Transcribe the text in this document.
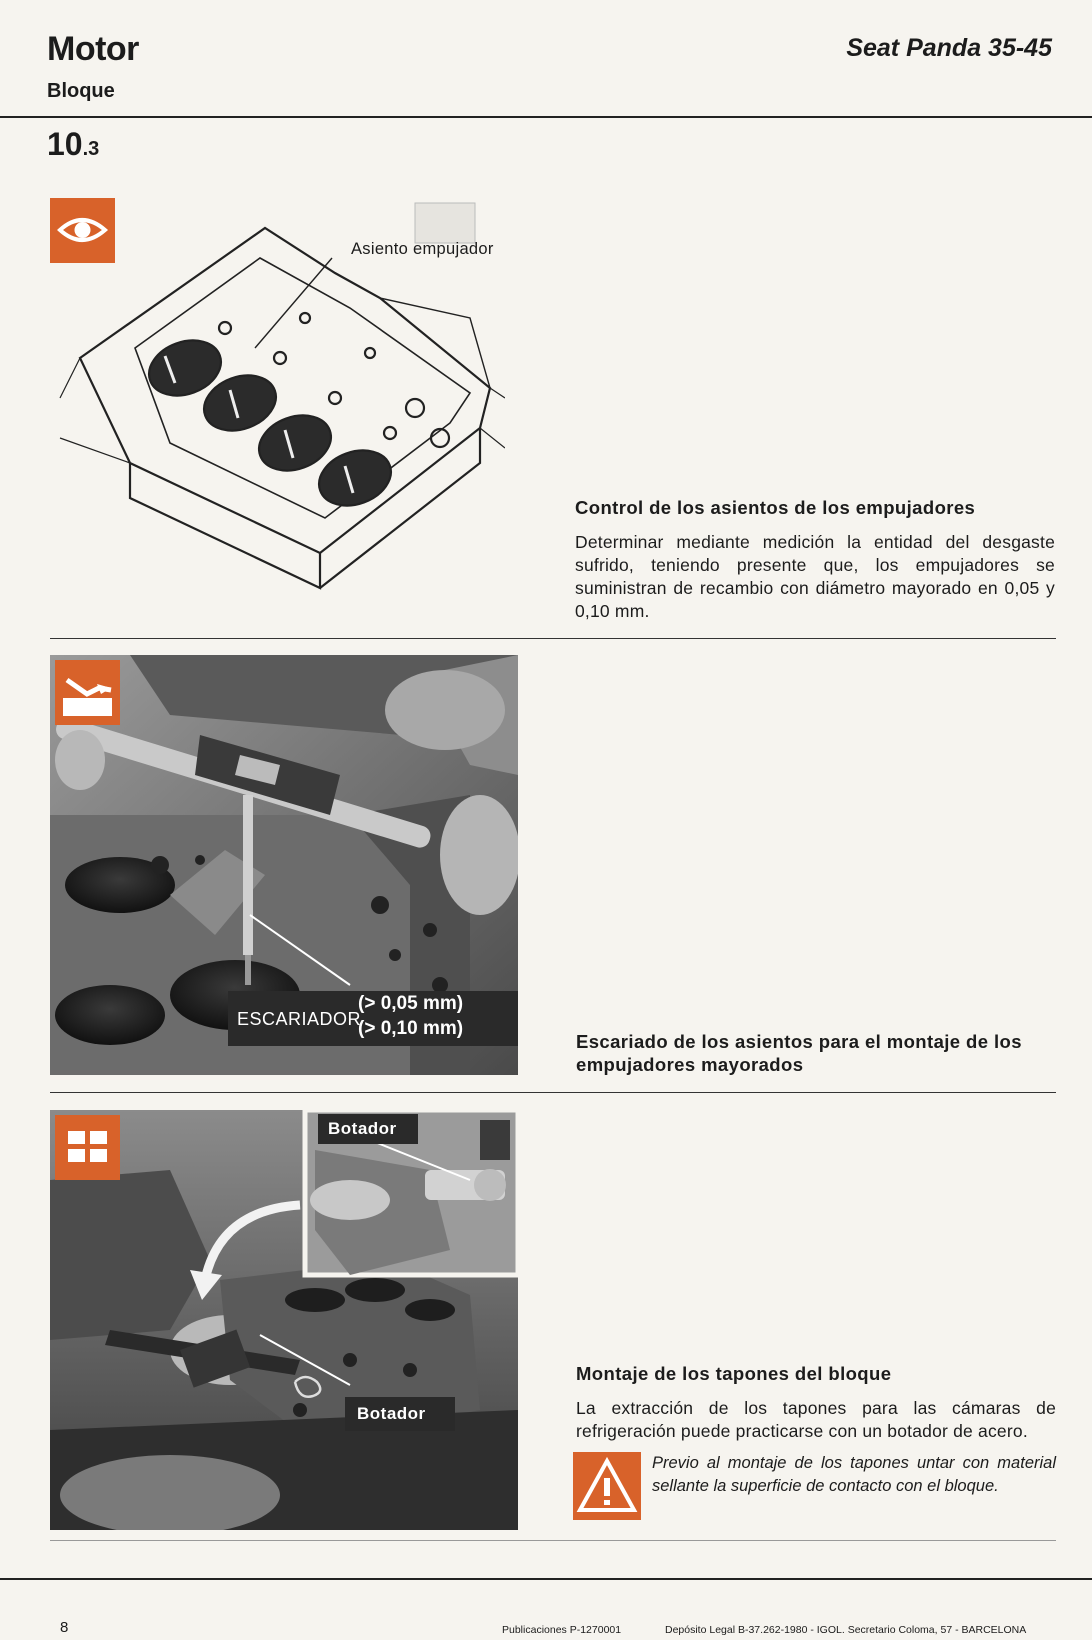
Motor
Bloque
Seat Panda 35-45
10.3
Asiento empujador
Control de los asientos de los empujadores
Determinar mediante medición la entidad del desgaste sufrido, teniendo presente que, los empujadores se suministran de recambio con diámetro mayorado en 0,05 y 0,10 mm.
ESCARIADOR
(> 0,05 mm)
(> 0,10 mm)
Escariado de los asientos para el montaje de los empujadores mayorados
Botador
Botador
Montaje de los tapones del bloque
La extracción de los tapones para las cámaras de refrigeración puede practicarse con un botador de acero.
Previo al montaje de los tapones untar con material sellante la superficie de contacto con el bloque.
8	Publicaciones P-1270001	Depósito Legal B-37.262-1980 - IGOL. Secretario Coloma, 57 - BARCELONA
